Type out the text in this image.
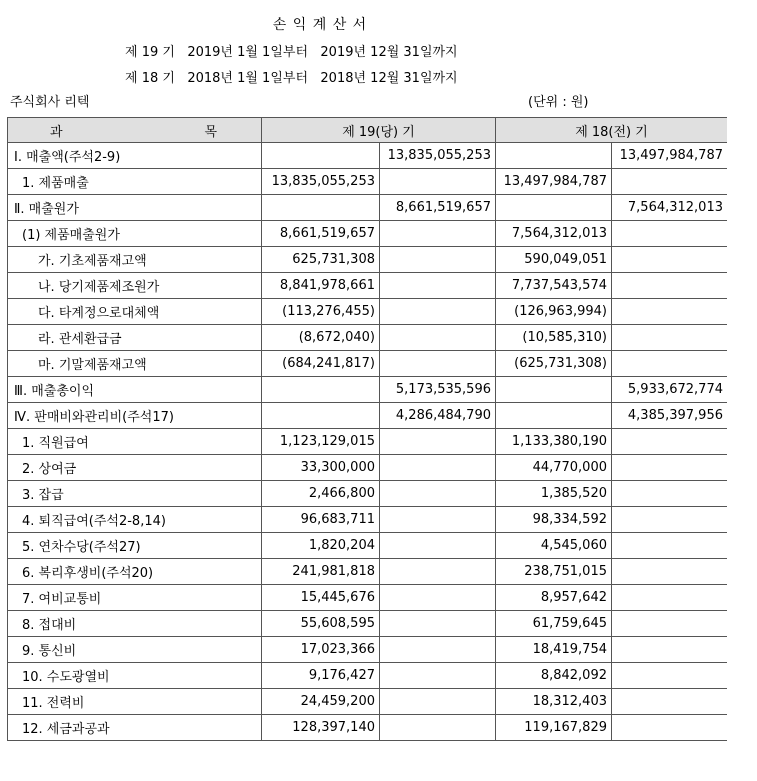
손 익 계 산 서
제 19 기   2019년 1월 1일부터   2019년 12월 31일까지
제 18 기   2018년 1월 1일부터   2018년 12월 31일까지
주식회사 리텍	(단위 : 원)
과 목	제 19(당) 기		제 18(전) 기	
Ⅰ. 매출액(주석2-9)		13,835,055,253		13,497,984,787
1. 제품매출	13,835,055,253		13,497,984,787	
Ⅱ. 매출원가		8,661,519,657		7,564,312,013
(1) 제품매출원가	8,661,519,657		7,564,312,013	
가. 기초제품재고액	625,731,308		590,049,051	
나. 당기제품제조원가	8,841,978,661		7,737,543,574	
다. 타계정으로대체액	(113,276,455)		(126,963,994)	
라. 관세환급금	(8,672,040)		(10,585,310)	
마. 기말제품재고액	(684,241,817)		(625,731,308)	
Ⅲ. 매출총이익		5,173,535,596		5,933,672,774
Ⅳ. 판매비와관리비(주석17)		4,286,484,790		4,385,397,956
1. 직원급여	1,123,129,015		1,133,380,190	
2. 상여금	33,300,000		44,770,000	
3. 잡급	2,466,800		1,385,520	
4. 퇴직급여(주석2-8,14)	96,683,711		98,334,592	
5. 연차수당(주석27)	1,820,204		4,545,060	
6. 복리후생비(주석20)	241,981,818		238,751,015	
7. 여비교통비	15,445,676		8,957,642	
8. 접대비	55,608,595		61,759,645	
9. 통신비	17,023,366		18,419,754	
10. 수도광열비	9,176,427		8,842,092	
11. 전력비	24,459,200		18,312,403	
12. 세금과공과	128,397,140		119,167,829	
